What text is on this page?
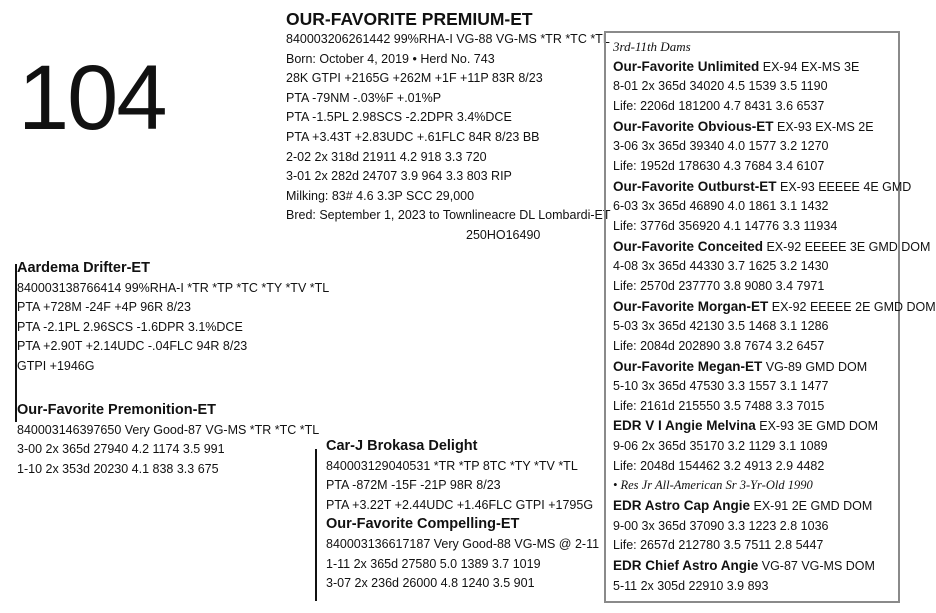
104
OUR-FAVORITE PREMIUM-ET
840003206261442 99%RHA-I VG-88 VG-MS *TR *TC *TL
Born: October 4, 2019 • Herd No. 743
28K GTPI +2165G +262M +1F +11P 83R 8/23
PTA -79NM -.03%F +.01%P
PTA -1.5PL 2.98SCS -2.2DPR 3.4%DCE
PTA +3.43T +2.83UDC +.61FLC 84R 8/23 BB
2-02 2x 318d 21911 4.2 918 3.3 720
3-01 2x 282d 24707 3.9 964 3.3 803 RIP
Milking: 83# 4.6 3.3P SCC 29,000
Bred: September 1, 2023 to Townlineacre DL Lombardi-ET
250HO16490
Aardema Drifter-ET
840003138766414 99%RHA-I *TR *TP *TC *TY *TV *TL
PTA +728M -24F +4P 96R 8/23
PTA -2.1PL 2.96SCS -1.6DPR 3.1%DCE
PTA +2.90T +2.14UDC -.04FLC 94R 8/23
GTPI +1946G
Our-Favorite Premonition-ET
840003146397650 Very Good-87 VG-MS *TR *TC *TL
3-00 2x 365d 27940 4.2 1174 3.5 991
1-10 2x 353d 20230 4.1 838 3.3 675
Car-J Brokasa Delight
840003129040531 *TR *TP 8TC *TY *TV *TL
PTA -872M -15F -21P 98R 8/23
PTA +3.22T +2.44UDC +1.46FLC GTPI +1795G
Our-Favorite Compelling-ET
840003136617187 Very Good-88 VG-MS @ 2-11
1-11 2x 365d 27580 5.0 1389 3.7 1019
3-07 2x 236d 26000 4.8 1240 3.5 901
3rd-11th Dams
Our-Favorite Unlimited EX-94 EX-MS 3E
8-01 2x 365d 34020 4.5 1539 3.5 1190
Life: 2206d 181200 4.7 8431 3.6 6537
Our-Favorite Obvious-ET EX-93 EX-MS 2E
3-06 3x 365d 39340 4.0 1577 3.2 1270
Life: 1952d 178630 4.3 7684 3.4 6107
Our-Favorite Outburst-ET EX-93 EEEEE 4E GMD
6-03 3x 365d 46890 4.0 1861 3.1 1432
Life: 3776d 356920 4.1 14776 3.3 11934
Our-Favorite Conceited EX-92 EEEEE 3E GMD DOM
4-08 3x 365d 44330 3.7 1625 3.2 1430
Life: 2570d 237770 3.8 9080 3.4 7971
Our-Favorite Morgan-ET EX-92 EEEEE 2E GMD DOM
5-03 3x 365d 42130 3.5 1468 3.1 1286
Life: 2084d 202890 3.8 7674 3.2 6457
Our-Favorite Megan-ET VG-89 GMD DOM
5-10 3x 365d 47530 3.3 1557 3.1 1477
Life: 2161d 215550 3.5 7488 3.3 7015
EDR V I Angie Melvina EX-93 3E GMD DOM
9-06 2x 365d 35170 3.2 1129 3.1 1089
Life: 2048d 154462 3.2 4913 2.9 4482
• Res Jr All-American Sr 3-Yr-Old 1990
EDR Astro Cap Angie EX-91 2E GMD DOM
9-00 3x 365d 37090 3.3 1223 2.8 1036
Life: 2657d 212780 3.5 7511 2.8 5447
EDR Chief Astro Angie VG-87 VG-MS DOM
5-11 2x 305d 22910 3.9 893
